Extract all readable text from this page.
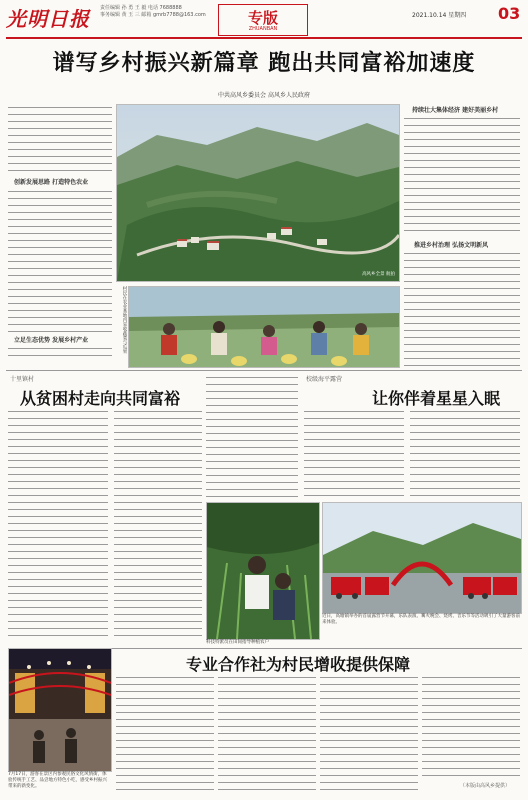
光明日报	责任编辑 孙 勇 王 毅 电话 7688888
事务编辑 黄 玉 三 邮箱 gmrb7788@163.com	专版
ZHUANBAN
2021.10.14 星期四 03
谱写乡村振兴新篇章 跑出共同富裕加速度
中共高风乡委员会 高风乡人民政府
创新发展思路 打造特色农业
立足生态优势 发展乡村产业
高风乡全景 航拍
村民在农业基地内采收蔬菜与瓜果
持续壮大集体经济 建好美丽乡村
推进乡村治理 弘扬文明新风
十里镇村
从贫困村走向共同富裕
校级海平露营
让你伴着星星入眠
科技特派员在田间指导种植农户
近日，高塘镇举办的首届露营节开幕，乐队表演、篝火晚会、烧烤、音乐节等活动吸引了大量游客前来体验。
7月17日，游客在景区内参观民俗文化风情街，体验传统手工艺、品尝地方特色小吃，感受乡村振兴带来的新变化。
专业合作社为村民增收提供保障
（本版由高风乡提供）
